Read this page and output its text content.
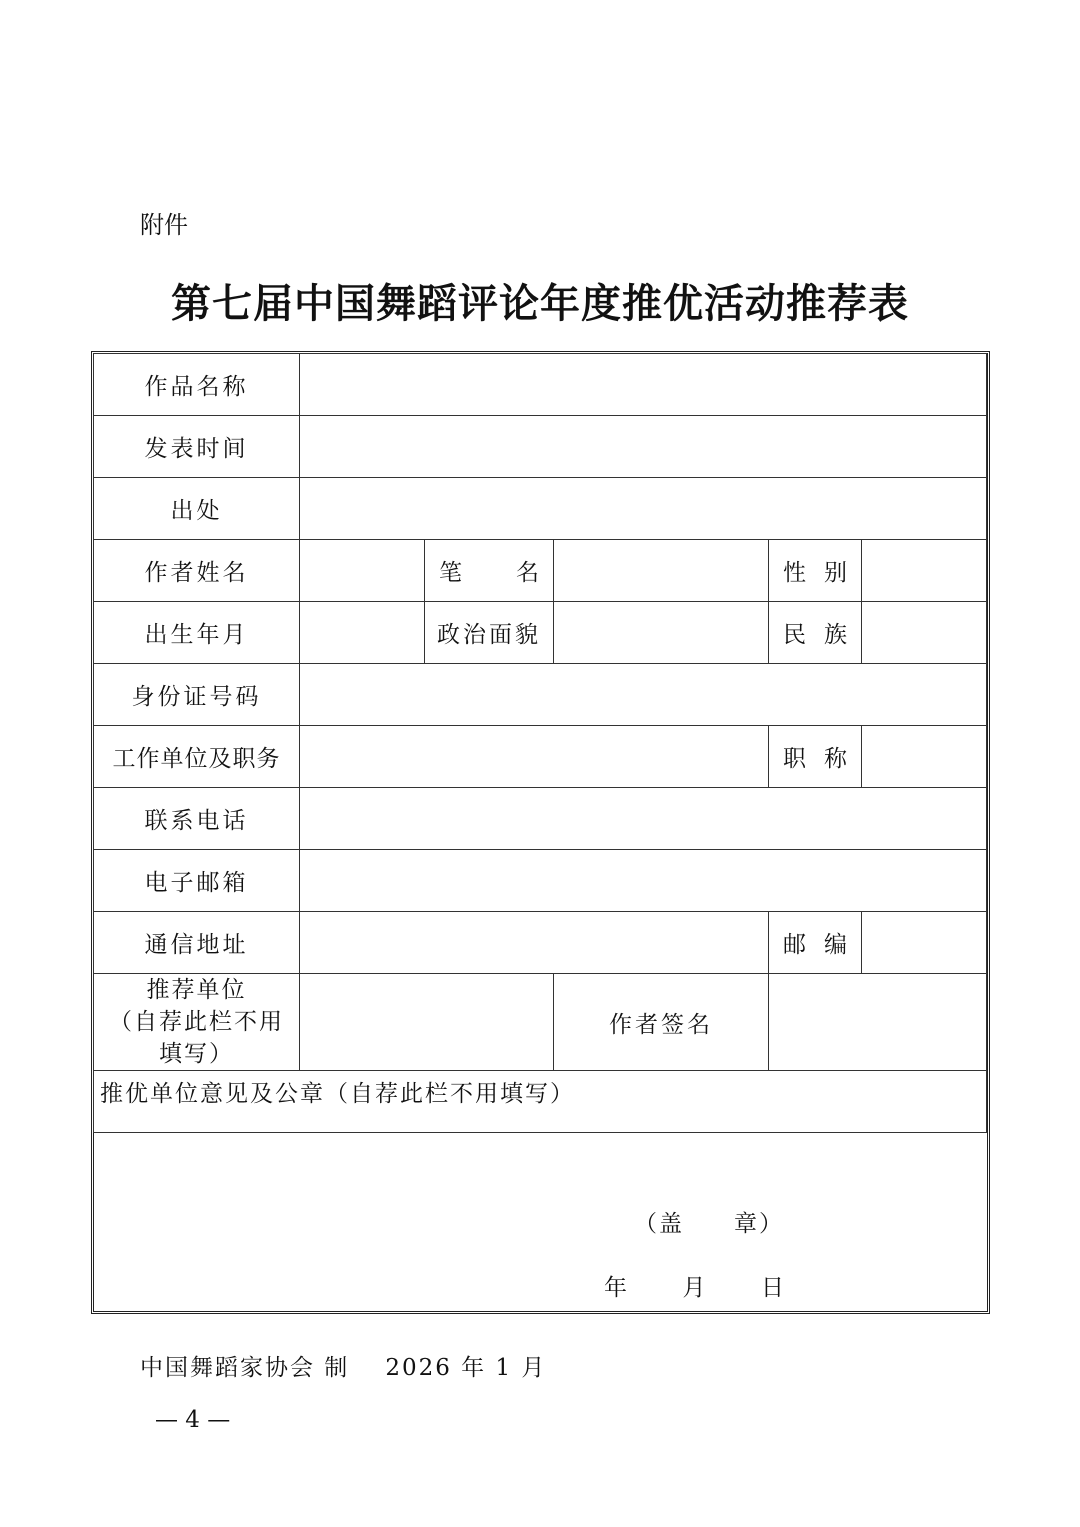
附件
第七届中国舞蹈评论年度推优活动推荐表
作品名称					
发表时间					
出处					
作者姓名		笔 名		性 别	

出生年月		政治面貌		民 族	

身份证号码					
工作单位及职务				职 称	

联系电话					
电子邮箱					
通信地址				邮 编	

推荐单位
（自荐此栏不用
填写）			作者签名		

推优单位意见及公章（自荐此栏不用填写）
（盖　　章）
年 月 日					
中国舞蹈家协会 制 2026 年 1 月
— 4 —
